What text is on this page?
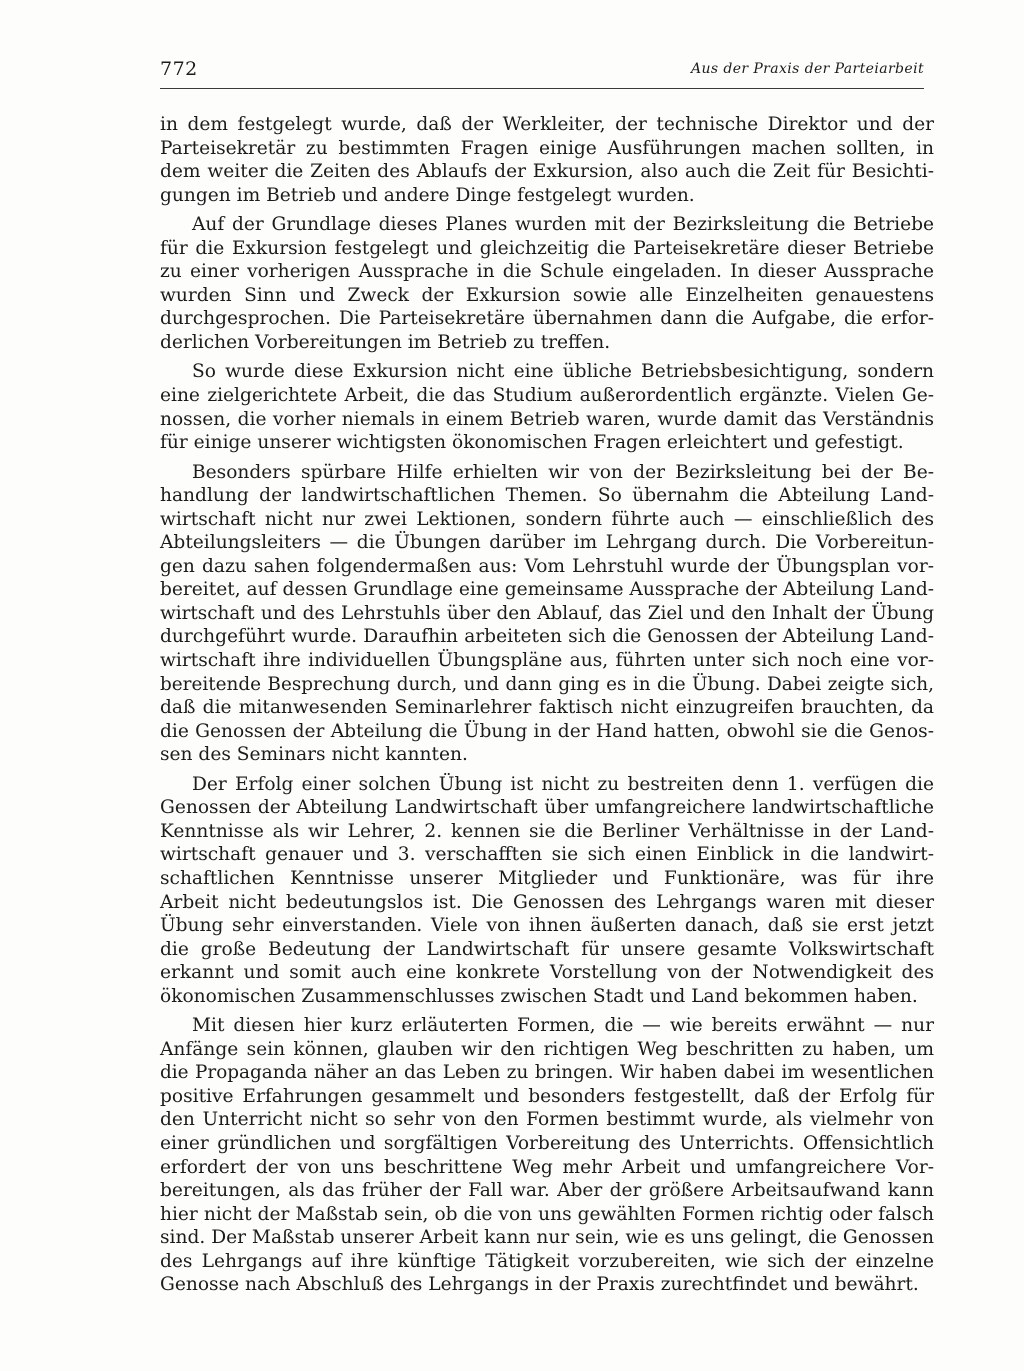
772	Aus der Praxis der Parteiarbeit

in dem festgelegt wurde, daß der Werkleiter, der technische Direktor und der
Parteisekretär zu bestimmten Fragen einige Ausführungen machen sollten, in
dem weiter die Zeiten des Ablaufs der Exkursion, also auch die Zeit für Besichti-
gungen im Betrieb und andere Dinge festgelegt wurden.

Auf der Grundlage dieses Planes wurden mit der Bezirksleitung die Betriebe
für die Exkursion festgelegt und gleichzeitig die Parteisekretäre dieser Betriebe
zu einer vorherigen Aussprache in die Schule eingeladen. In dieser Aussprache
wurden Sinn und Zweck der Exkursion sowie alle Einzelheiten genauestens
durchgesprochen. Die Parteisekretäre übernahmen dann die Aufgabe, die erfor-
derlichen Vorbereitungen im Betrieb zu treffen.

So wurde diese Exkursion nicht eine übliche Betriebsbesichtigung, sondern
eine zielgerichtete Arbeit, die das Studium außerordentlich ergänzte. Vielen Ge-
nossen, die vorher niemals in einem Betrieb waren, wurde damit das Verständnis
für einige unserer wichtigsten ökonomischen Fragen erleichtert und gefestigt.

Besonders spürbare Hilfe erhielten wir von der Bezirksleitung bei der Be-
handlung der landwirtschaftlichen Themen. So übernahm die Abteilung Land-
wirtschaft nicht nur zwei Lektionen, sondern führte auch — einschließlich des
Abteilungsleiters — die Übungen darüber im Lehrgang durch. Die Vorbereitun-
gen dazu sahen folgendermaßen aus: Vom Lehrstuhl wurde der Übungsplan vor-
bereitet, auf dessen Grundlage eine gemeinsame Aussprache der Abteilung Land-
wirtschaft und des Lehrstuhls über den Ablauf, das Ziel und den Inhalt der Übung
durchgeführt wurde. Daraufhin arbeiteten sich die Genossen der Abteilung Land-
wirtschaft ihre individuellen Übungspläne aus, führten unter sich noch eine vor-
bereitende Besprechung durch, und dann ging es in die Übung. Dabei zeigte sich,
daß die mitanwesenden Seminarlehrer faktisch nicht einzugreifen brauchten, da
die Genossen der Abteilung die Übung in der Hand hatten, obwohl sie die Genos-
sen des Seminars nicht kannten.

Der Erfolg einer solchen Übung ist nicht zu bestreiten denn 1. verfügen die
Genossen der Abteilung Landwirtschaft über umfangreichere landwirtschaftliche
Kenntnisse als wir Lehrer, 2. kennen sie die Berliner Verhältnisse in der Land-
wirtschaft genauer und 3. verschafften sie sich einen Einblick in die landwirt-
schaftlichen Kenntnisse unserer Mitglieder und Funktionäre, was für ihre
Arbeit nicht bedeutungslos ist. Die Genossen des Lehrgangs waren mit dieser
Übung sehr einverstanden. Viele von ihnen äußerten danach, daß sie erst jetzt
die große Bedeutung der Landwirtschaft für unsere gesamte Volkswirtschaft
erkannt und somit auch eine konkrete Vorstellung von der Notwendigkeit des
ökonomischen Zusammenschlusses zwischen Stadt und Land bekommen haben.

Mit diesen hier kurz erläuterten Formen, die — wie bereits erwähnt — nur
Anfänge sein können, glauben wir den richtigen Weg beschritten zu haben, um
die Propaganda näher an das Leben zu bringen. Wir haben dabei im wesentlichen
positive Erfahrungen gesammelt und besonders festgestellt, daß der Erfolg für
den Unterricht nicht so sehr von den Formen bestimmt wurde, als vielmehr von
einer gründlichen und sorgfältigen Vorbereitung des Unterrichts. Offensichtlich
erfordert der von uns beschrittene Weg mehr Arbeit und umfangreichere Vor-
bereitungen, als das früher der Fall war. Aber der größere Arbeitsaufwand kann
hier nicht der Maßstab sein, ob die von uns gewählten Formen richtig oder falsch
sind. Der Maßstab unserer Arbeit kann nur sein, wie es uns gelingt, die Genossen
des Lehrgangs auf ihre künftige Tätigkeit vorzubereiten, wie sich der einzelne
Genosse nach Abschluß des Lehrgangs in der Praxis zurechtfindet und bewährt.
